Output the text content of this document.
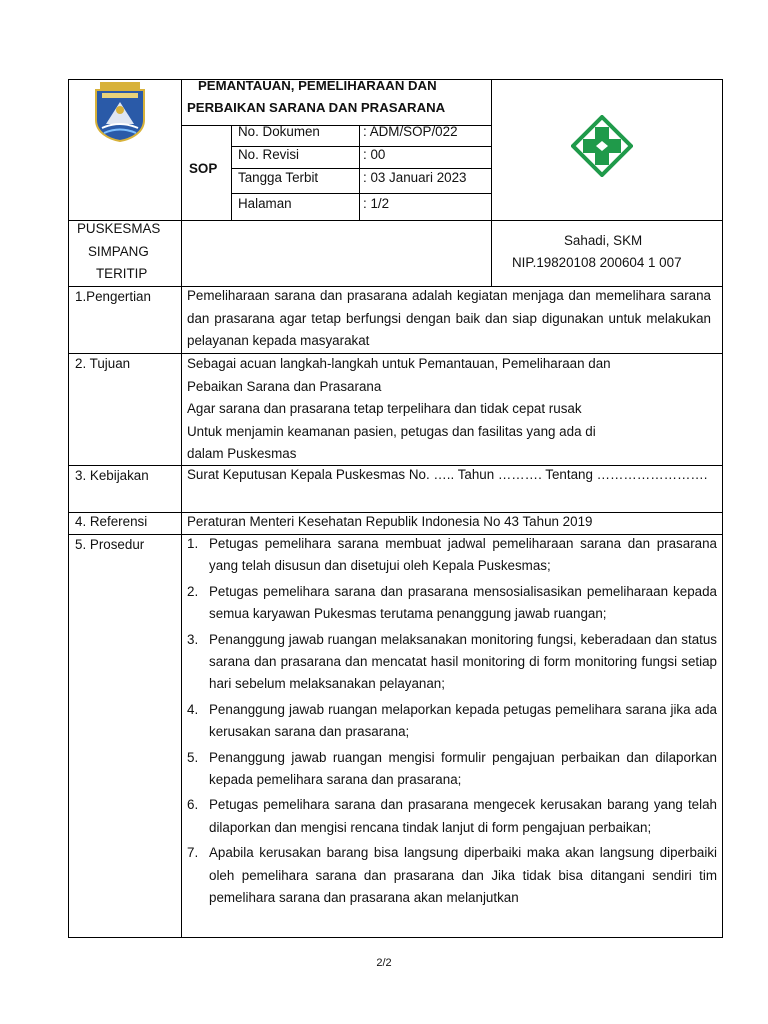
PEMANTAUAN, PEMELIHARAAN DAN
PERBAIKAN SARANA DAN PRASARANA
SOP
No. Dokumen	: ADM/SOP/022
No. Revisi	: 00
Tangga Terbit	: 03 Januari 2023
Halaman	: 1/2
PUSKESMAS
SIMPANG
TERITIP
Sahadi, SKM
NIP.19820108 200604 1 007
1.Pengertian	Pemeliharaan sarana dan prasarana adalah kegiatan menjaga dan memelihara sarana dan prasarana agar tetap berfungsi dengan baik dan siap digunakan untuk melakukan pelayanan kepada masyarakat
2. Tujuan	Sebagai acuan langkah-langkah untuk Pemantauan, Pemeliharaan dan
Pebaikan Sarana dan Prasarana
Agar sarana dan prasarana tetap terpelihara dan tidak cepat rusak
Untuk menjamin keamanan pasien, petugas dan fasilitas yang ada di
dalam Puskesmas
3. Kebijakan	Surat Keputusan Kepala Puskesmas No. ….. Tahun ………. Tentang …………………….
4. Referensi	Peraturan Menteri Kesehatan Republik Indonesia No 43 Tahun 2019
5. Prosedur	1. Petugas pemelihara sarana membuat jadwal pemeliharaan sarana dan prasarana yang telah disusun dan disetujui oleh Kepala Puskesmas;
2. Petugas pemelihara sarana dan prasarana mensosialisasikan pemeliharaan kepada semua karyawan Pukesmas terutama penanggung jawab ruangan;
3. Penanggung jawab ruangan melaksanakan monitoring fungsi, keberadaan dan status sarana dan prasarana dan mencatat hasil monitoring di form monitoring fungsi setiap hari sebelum melaksanakan pelayanan;
4. Penanggung jawab ruangan melaporkan kepada petugas pemelihara sarana jika ada kerusakan sarana dan prasarana;
5. Penanggung jawab ruangan mengisi formulir pengajuan perbaikan dan dilaporkan kepada pemelihara sarana dan prasarana;
6. Petugas pemelihara sarana dan prasarana mengecek kerusakan barang yang telah dilaporkan dan mengisi rencana tindak lanjut di form pengajuan perbaikan;
7. Apabila kerusakan barang bisa langsung diperbaiki maka akan langsung diperbaiki oleh pemelihara sarana dan prasarana dan Jika tidak bisa ditangani sendiri tim pemelihara sarana dan prasarana akan melanjutkan
2/2
